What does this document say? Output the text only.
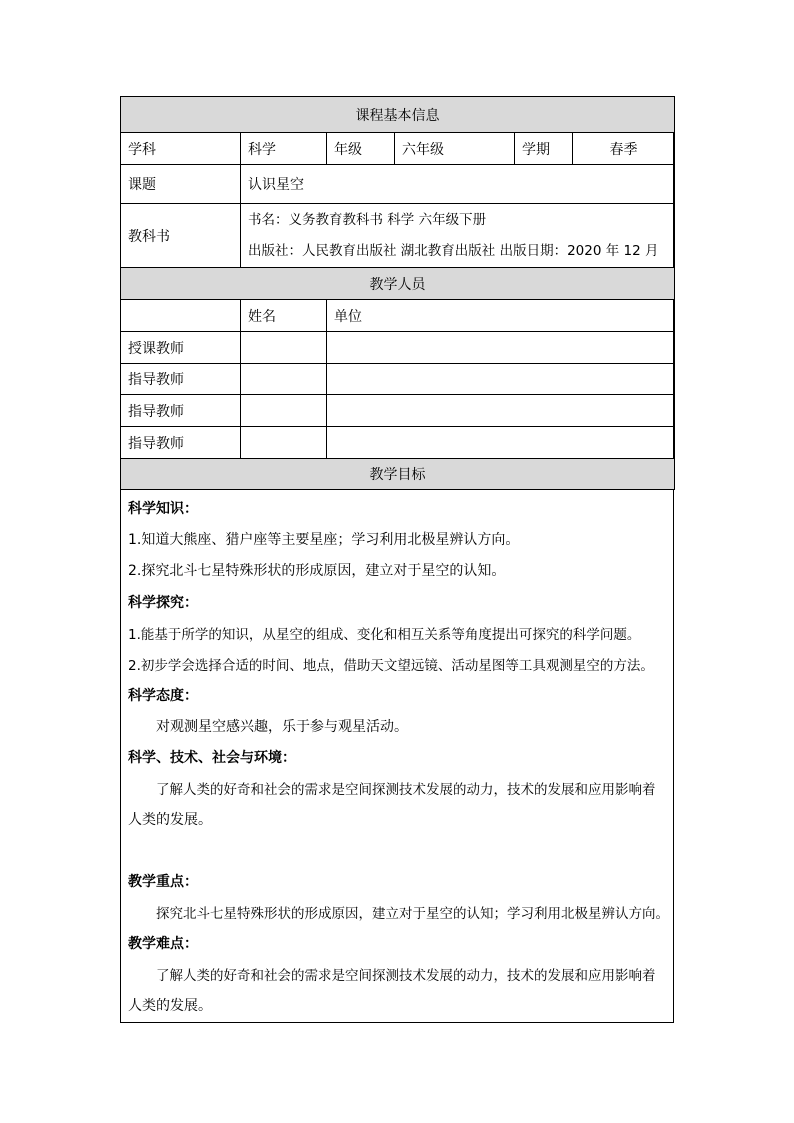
课程基本信息					
学科	科学	年级	六年级	学期	春季
课题	认识星空				
教科书	书名：义务教育教科书 科学 六年级下册
出版社：人民教育出版社 湖北教育出版社 出版日期：2020 年 12 月				

教学人员					
	姓名	单位			
授课教师					
指导教师					
指导教师					
指导教师					
教学目标					
科学知识：
1.知道大熊座、猎户座等主要星座；学习利用北极星辨认方向。
2.探究北斗七星特殊形状的形成原因，建立对于星空的认知。
科学探究：
1.能基于所学的知识，从星空的组成、变化和相互关系等角度提出可探究的科学问题。
2.初步学会选择合适的时间、地点，借助天文望远镜、活动星图等工具观测星空的方法。
科学态度：
对观测星空感兴趣，乐于参与观星活动。
科学、技术、社会与环境：
了解人类的好奇和社会的需求是空间探测技术发展的动力，技术的发展和应用影响着
人类的发展。
教学重点：
探究北斗七星特殊形状的形成原因，建立对于星空的认知；学习利用北极星辨认方向。
教学难点：
了解人类的好奇和社会的需求是空间探测技术发展的动力，技术的发展和应用影响着
人类的发展。
